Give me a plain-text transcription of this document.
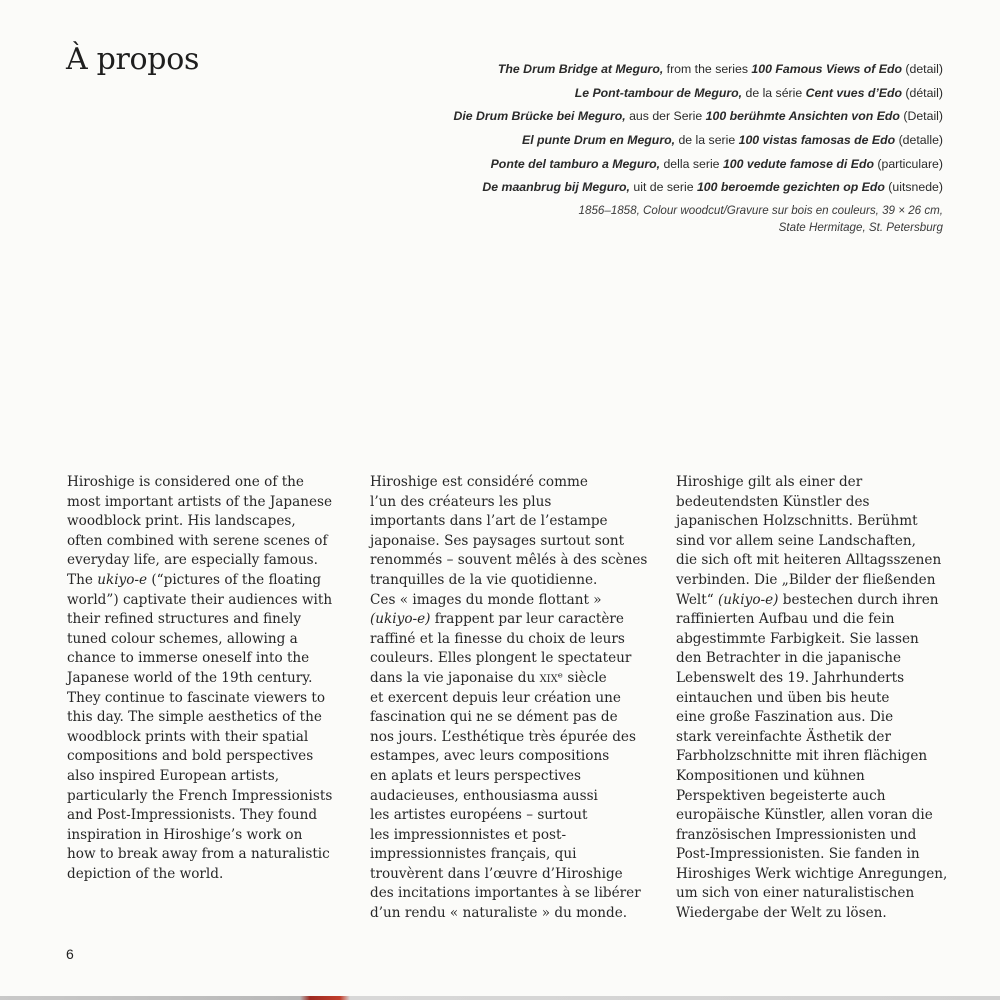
À propos	The Drum Bridge at Meguro, from the series 100 Famous Views of Edo (detail)
Le Pont-tambour de Meguro, de la série Cent vues d’Edo (détail)
Die Drum Brücke bei Meguro, aus der Serie 100 berühmte Ansichten von Edo (Detail)
El punte Drum en Meguro, de la serie 100 vistas famosas de Edo (detalle)
Ponte del tamburo a Meguro, della serie 100 vedute famose di Edo (particulare)
De maanbrug bij Meguro, uit de serie 100 beroemde gezichten op Edo (uitsnede)
1856–1858, Colour woodcut/Gravure sur bois en couleurs, 39 × 26 cm,
State Hermitage, St. Petersburg
Hiroshige is considered one of the
most important artists of the Japanese
woodblock print. His landscapes,
often combined with serene scenes of
everyday life, are especially famous.
The ukiyo-e (“pictures of the floating
world”) captivate their audiences with
their refined structures and finely
tuned colour schemes, allowing a
chance to immerse oneself into the
Japanese world of the 19th century.
They continue to fascinate viewers to
this day. The simple aesthetics of the
woodblock prints with their spatial
compositions and bold perspectives
also inspired European artists,
particularly the French Impressionists
and Post-Impressionists. They found
inspiration in Hiroshige’s work on
how to break away from a naturalistic
depiction of the world.
Hiroshige est considéré comme
l’un des créateurs les plus
importants dans l’art de l’estampe
japonaise. Ses paysages surtout sont
renommés – souvent mêlés à des scènes
tranquilles de la vie quotidienne.
Ces « images du monde flottant »
(ukiyo-e) frappent par leur caractère
raffiné et la finesse du choix de leurs
couleurs. Elles plongent le spectateur
dans la vie japonaise du xixᵉ siècle
et exercent depuis leur création une
fascination qui ne se dément pas de
nos jours. L’esthétique très épurée des
estampes, avec leurs compositions
en aplats et leurs perspectives
audacieuses, enthousiasma aussi
les artistes européens – surtout
les impressionnistes et post-
impressionnistes français, qui
trouvèrent dans l’œuvre d’Hiroshige
des incitations importantes à se libérer
d’un rendu « naturaliste » du monde.
Hiroshige gilt als einer der
bedeutendsten Künstler des
japanischen Holzschnitts. Berühmt
sind vor allem seine Landschaften,
die sich oft mit heiteren Alltagsszenen
verbinden. Die „Bilder der fließenden
Welt“ (ukiyo-e) bestechen durch ihren
raffinierten Aufbau und die fein
abgestimmte Farbigkeit. Sie lassen
den Betrachter in die japanische
Lebenswelt des 19. Jahrhunderts
eintauchen und üben bis heute
eine große Faszination aus. Die
stark vereinfachte Ästhetik der
Farbholzschnitte mit ihren flächigen
Kompositionen und kühnen
Perspektiven begeisterte auch
europäische Künstler, allen voran die
französischen Impressionisten und
Post-Impressionisten. Sie fanden in
Hiroshiges Werk wichtige Anregungen,
um sich von einer naturalistischen
Wiedergabe der Welt zu lösen.
6
